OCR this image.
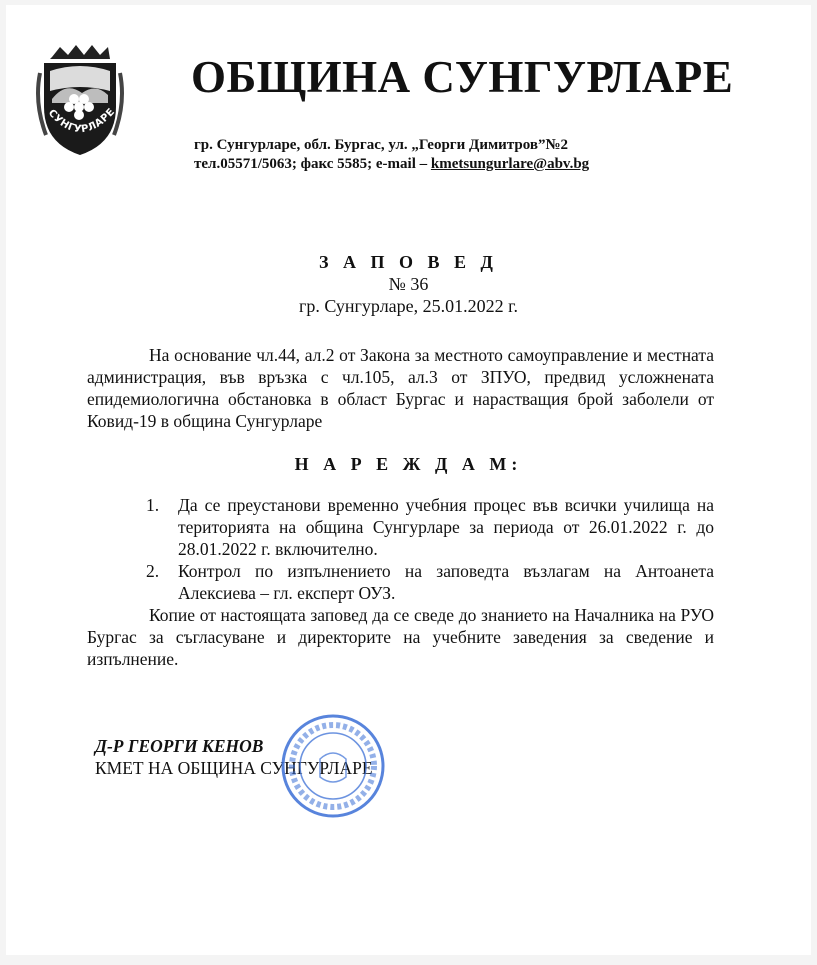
СУНГУРЛАРЕ
ОБЩИНА СУНГУРЛАРЕ
гр. Сунгурларе, обл. Бургас, ул. „Георги Димитров”№2
тел.05571/5063; факс 5585; e-mail – kmetsungurlare@abv.bg
З А П О В Е Д
№ 36
гр. Сунгурларе, 25.01.2022 г.
На основание чл.44, ал.2 от Закона за местното самоуправление и местната администрация, във връзка с чл.105, ал.3 от ЗПУО, предвид усложнената епидемиологична обстановка в област Бургас и нарастващия брой заболели от Ковид-19 в община Сунгурларе
Н А Р Е Ж Д А М:
1. Да се преустанови временно учебния процес във всички училища на територията на община Сунгурларе за периода от 26.01.2022 г. до 28.01.2022 г. включително.
2. Контрол по изпълнението на заповедта възлагам на Антоанета Алексиева – гл. експерт ОУЗ.
Копие от настоящата заповед да се сведе до знанието на Началника на РУО Бургас за съгласуване и директорите на учебните заведения за сведение и изпълнение.
Д-Р ГЕОРГИ КЕНОВ
КМЕТ НА ОБЩИНА СУНГУРЛАРЕ
